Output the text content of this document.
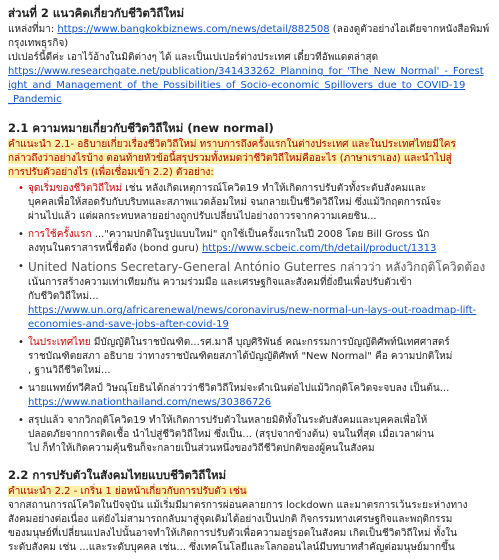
ส่วนที่ 2 แนวคิดเกี่ยวกับชีวิตวิถีใหม่

แหล่งที่มา: https://www.bangkokbiznews.com/news/detail/882508 (ลองดูตัวอย่างไอเดียจากหนังสือพิมพ์กรุงเทพธุรกิจ)

เปเปอร์นี้ดีค่ะ เอาไว้อ้างในมิติต่างๆ ได้ และเป็นเปเปอร์ต่างประเทศ เดี๋ยวทีอัพแดตล่าสุด

https://www.researchgate.net/publication/341433262_Planning_for_'The_New_Normal'_-_Forest

ight_and_Management_of_the_Possibilities_of_Socio-economic_Spillovers_due_to_COVID-19

_Pandemic

2.1 ความหมายเกี่ยวกับชีวิตวิถีใหม่ (new normal)

คำแนะนำ 2.1- อธิบายเกี่ยวเรื่องชีวิตวิถีใหม่ ทราบการถึงครั้งแรกในต่างประเทศ และในประเทศไทยมีใคร

กล่าวถึงว่าอย่างไรบ้าง ตอนท้ายหัวข้อนี้สรุปรวมทั้งหมดว่าชีวิตวิถีใหม่คืออะไร (ภาษาเราเอง) และนำไปสู่

การปรับตัวอย่างไร (เพื่อเชื่อมเข้า 2.2) ตัวอย่าง:

• จุดเริ่มของชีวิตวิถีใหม่ เช่น หลังเกิดเหตุการณ์โควิด19 ทำให้เกิดการปรับตัวทั้งระดับสังคมและ
บุคคลเพื่อให้สอดรับกับบริบทและสภาพแวดล้อมใหม่ จนกลายเป็นชีวิตวิถีใหม่ ซึ่งแม้วิกฤตการณ์จะ
ผ่านไปแล้ว แต่ผลกระทบหลายอย่างถูกปรับเปลี่ยนไปอย่างถาวรจากความเคยชิน...
• การใช้ครั้งแรก ..."ความปกติในรูปแบบใหม่" ถูกใช้เป็นครั้งแรกในปี 2008 โดย Bill Gross นัก
ลงทุนในตราสารหนี้ชื่อดัง (bond guru) https://www.scbeic.com/th/detail/product/1313
• United Nations Secretary-General António Guterres กล่าวว่า หลังวิกฤติโควิดต้อง
เน้นการสร้างความเท่าเทียมกัน ความร่วมมือ และเศรษฐกิจและสังคมที่ยั่งยืนเพื่อปรับตัวเข้า
กับชีวิตวิถีใหม่...
https://www.un.org/africarenewal/news/coronavirus/new-normal-un-lays-out-roadmap-lift-
economies-and-save-jobs-after-covid-19
• ในประเทศไทย มีบัญญัติในราชบัณฑิต...รศ.มาลี บุญศิริพันธ์ คณะกรรมการบัญญัติศัพท์นิเทศศาสตร์
ราชบัณฑิตยสภา อธิบาย ว่าทางราชบัณฑิตยสภาได้บัญญัติศัพท์ "New Normal" คือ ความปกติใหม่
, ฐานวิถีชีวิตใหม่...
• นายแพทย์ทวีศิลป์ วิษณุโยธินได้กล่าวว่าชีวิตวิถีใหม่จะดำเนินต่อไปแม้วิกฤติโควิดจะจบลง เป็นต้น...
https://www.nationthailand.com/news/30386726
• สรุปแล้ว จากวิกฤติโควิด19 ทำให้เกิดการปรับตัวในหลายมิติทั้งในระดับสังคมและบุคคลเพื่อให้
ปลอดภัยจากการติดเชื้อ นำไปสู่ชีวิตวิถีใหม่ ซึ่งเป็น... (สรุปจากข้างต้น) จนในที่สุด เมื่อเวลาผ่าน
ไป ก็ทำให้เกิดความคุ้นชินก็จะกลายเป็นส่วนหนึ่งของวิถีชีวิตปกติของผู้คนในสังคม
2.2 การปรับตัวในสังคมไทยแบบชีวิตวิถีใหม่

คำแนะนำ 2.2 - เกริ่น 1 ย่อหน้าเกี่ยวกับการปรับตัว เช่น

จากสถานการณ์โควิดในปัจจุบัน แม้เริ่มมีมาตรการผ่อนคลายการ lockdown และมาตรการเว้นระยะห่างทาง

สังคมอย่างต่อเนื่อง แต่ยังไม่สามารถกลับมาสู่จุดเดิมได้อย่างเป็นปกติ กิจกรรมทางเศรษฐกิจและพฤติกรรม

ของมนุษย์ที่เปลี่ยนแปลงไปนั้นอาจทำให้เกิดการปรับตัวเพื่อความอยู่รอดในสังคม เกิดเป็นชีวิตวิถีใหม่ ทั้งใน

ระดับสังคม เช่น ...และระดับบุคคล เช่น... ซึ่งเทคโนโลยีและโลกออนไลน์มีบทบาทสำคัญต่อมนุษย์มากขึ้น
